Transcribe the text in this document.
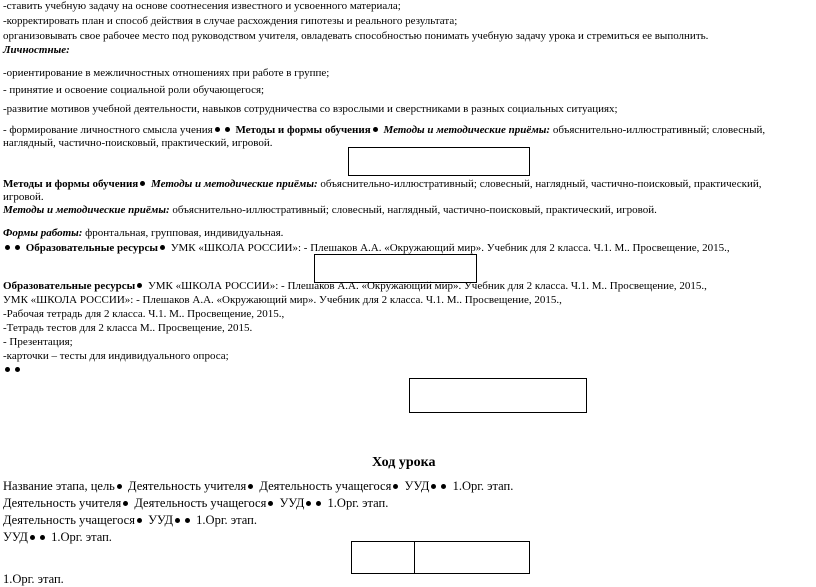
-ставить учебную задачу на основе соотнесения известного и усвоенного материала;
-корректировать план и способ действия в случае расхождения гипотезы и реального результата;
организовывать свое рабочее место под руководством учителя, овладевать способностью понимать учебную задачу урока и стремиться ее выполнить.
Личностные:
-ориентирование в межличностных отношениях при работе в группе;
- принятие и освоение социальной роли обучающегося;
-развитие мотивов учебной деятельности, навыков сотрудничества со взрослыми и сверстниками в разных социальных ситуациях;
- формирование личностного смысла учения Методы и формы обучения Методы и методические приёмы: объяснительно-иллюстративный; словесный,
наглядный, частично-поисковый, практический, игровой.
Методы и формы обучения Методы и методические приёмы: объяснительно-иллюстративный; словесный, наглядный, частично-поисковый, практический,
игровой.
Методы и методические приёмы: объяснительно-иллюстративный; словесный, наглядный, частично-поисковый, практический, игровой.
Формы работы: фронтальная, групповая, индивидуальная.
Образовательные ресурсы УМК «ШКОЛА РОССИИ»: - Плешаков А.А. «Окружающий мир». Учебник для 2 класса. Ч.1. М.. Просвещение, 2015.,
Образовательные ресурсы УМК «ШКОЛА РОССИИ»: - Плешаков А.А. «Окружающий мир». Учебник для 2 класса. Ч.1. М.. Просвещение, 2015.,
УМК «ШКОЛА РОССИИ»: - Плешаков А.А. «Окружающий мир». Учебник для 2 класса. Ч.1. М.. Просвещение, 2015.,
-Рабочая тетрадь для 2 класса. Ч.1. М.. Просвещение, 2015.,
-Тетрадь тестов для 2 класса М.. Просвещение, 2015.
- Презентация;
-карточки – тесты для индивидуального опроса;
Ход урока
Название этапа, цель Деятельность учителя Деятельность учащегося УУД 1.Орг. этап.
Деятельность учителя Деятельность учащегося УУД 1.Орг. этап.
Деятельность учащегося УУД 1.Орг. этап.
УУД 1.Орг. этап.
1.Орг. этап.
